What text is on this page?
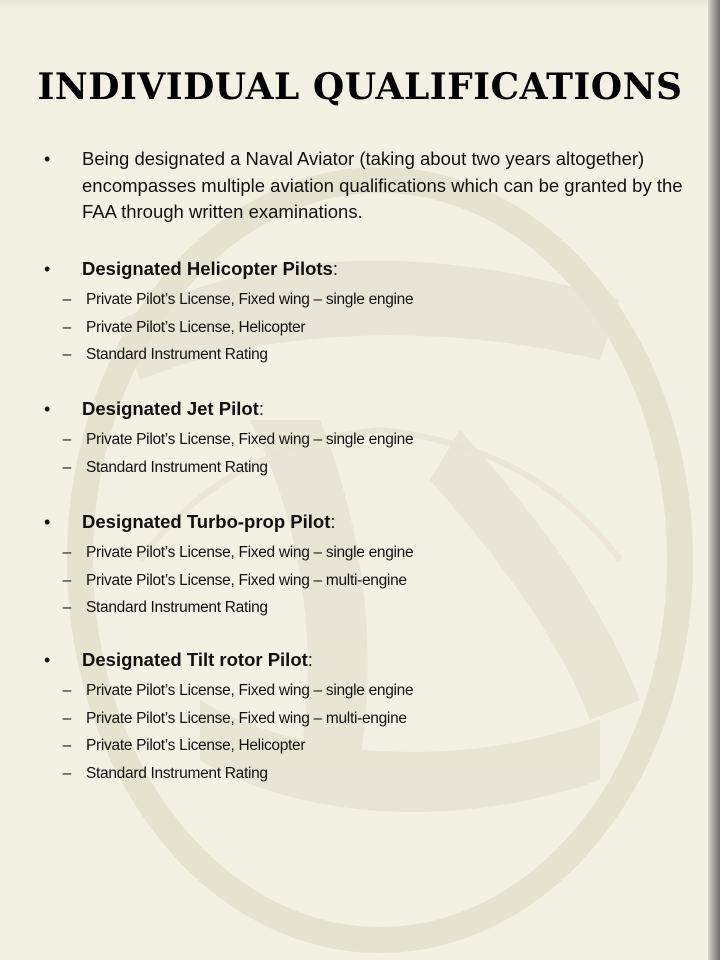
INDIVIDUAL QUALIFICATIONS
•	Being designated a Naval Aviator (taking about two years altogether) encompasses multiple aviation qualifications which can be granted by the FAA through written examinations.
•	Designated Helicopter Pilots:
– Private Pilot’s License, Fixed wing – single engine
– Private Pilot’s License, Helicopter
– Standard Instrument Rating
•	Designated Jet Pilot:
– Private Pilot’s License, Fixed wing – single engine
– Standard Instrument Rating
•	Designated Turbo-prop Pilot:
– Private Pilot’s License, Fixed wing – single engine
– Private Pilot’s License, Fixed wing – multi-engine
– Standard Instrument Rating
•	Designated Tilt rotor Pilot:
– Private Pilot’s License, Fixed wing – single engine
– Private Pilot’s License, Fixed wing – multi-engine
– Private Pilot’s License, Helicopter
– Standard Instrument Rating
